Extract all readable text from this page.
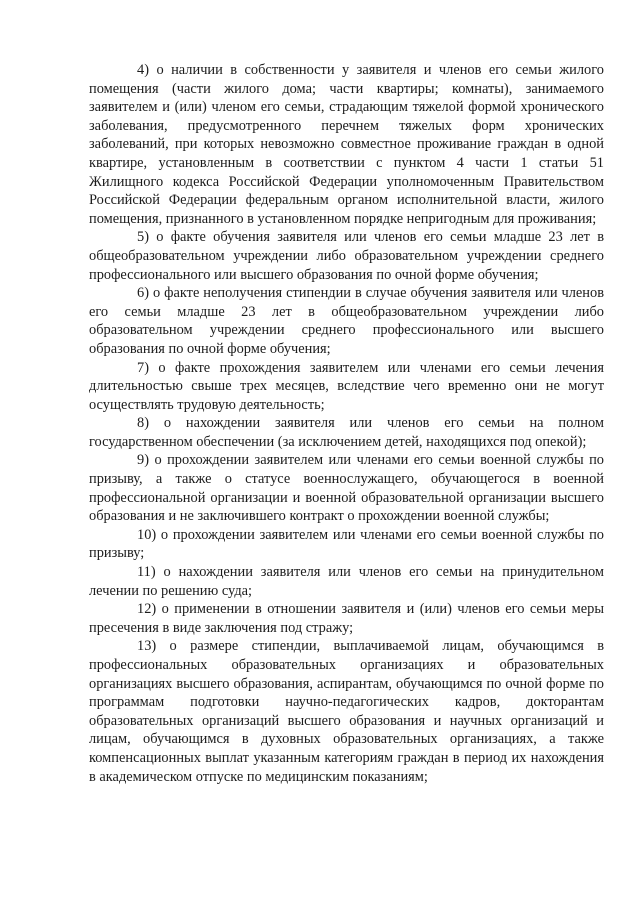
4) о наличии в собственности у заявителя и членов его семьи жилого помещения (части жилого дома; части квартиры; комнаты), занимаемого заявителем и (или) членом его семьи, страдающим тяжелой формой хронического заболевания, предусмотренного перечнем тяжелых форм хронических заболеваний, при которых невозможно совместное проживание граждан в одной квартире, установленным в соответствии с пунктом 4 части 1 статьи 51 Жилищного кодекса Российской Федерации уполномоченным Правительством Российской Федерации федеральным органом исполнительной власти, жилого помещения, признанного в установленном порядке непригодным для проживания;

5) о факте обучения заявителя или членов его семьи младше 23 лет в общеобразовательном учреждении либо образовательном учреждении среднего профессионального или высшего образования по очной форме обучения;

6) о факте неполучения стипендии в случае обучения заявителя или членов его семьи младше 23 лет в общеобразовательном учреждении либо образовательном учреждении среднего профессионального или высшего образования по очной форме обучения;

7) о факте прохождения заявителем или членами его семьи лечения длительностью свыше трех месяцев, вследствие чего временно они не могут осуществлять трудовую деятельность;

8) о нахождении заявителя или членов его семьи на полном государственном обеспечении (за исключением детей, находящихся под опекой);

9) о прохождении заявителем или членами его семьи военной службы по призыву, а также о статусе военнослужащего, обучающегося в военной профессиональной организации и военной образовательной организации высшего образования и не заключившего контракт о прохождении военной службы;

10) о прохождении заявителем или членами его семьи военной службы по призыву;

11) о нахождении заявителя или членов его семьи на принудительном лечении по решению суда;

12) о применении в отношении заявителя и (или) членов его семьи меры пресечения в виде заключения под стражу;

13) о размере стипендии, выплачиваемой лицам, обучающимся в профессиональных образовательных организациях и образовательных организациях высшего образования, аспирантам, обучающимся по очной форме по программам подготовки научно-педагогических кадров, докторантам образовательных организаций высшего образования и научных организаций и лицам, обучающимся в духовных образовательных организациях, а также компенсационных выплат указанным категориям граждан в период их нахождения в академическом отпуске по медицинским показаниям;
